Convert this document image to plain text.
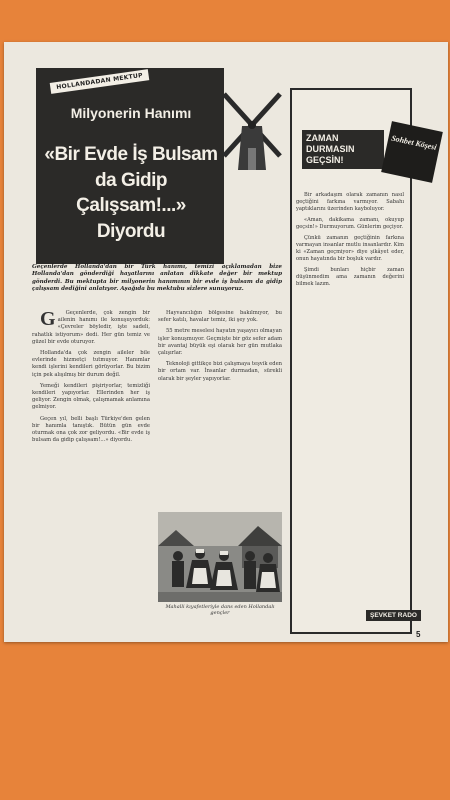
HOLLANDADAN MEKTUP
Milyonerin Hanımı
«Bir Evde İş Bulsam da Gidip Çalışsam!...» Diyordu
Geçenlerde Hollanda'dan bir Türk hanımı, temizi açıklamadan bize Hollanda'dan gönderdiği hayatlarını anlatan dikkate değer bir mektup gönderdi. Bu mektupta bir milyonerin hanımının bir evde iş bulsam da gidip çalışsam dediğini anlatıyor. Aşağıda bu mektubu sizlere sunuyoruz.

G Geçenlerde, çok zengin bir ailenin hanımı ile konuşuyorduk: «Çevreler böyledir, işte sadeli, rahatlık istiyorum» dedi. Her gün temiz ve güzel bir evde oturuyor.

Hollanda'da çok zengin aileler bile evlerinde hizmetçi tutmuyor. Hanımlar kendi işlerini kendileri görüyorlar. Bu bizim için pek alışılmış bir durum değil.

Yemeği kendileri pişiriyorlar, temizliği kendileri yapıyorlar. Ellerinden her iş geliyor. Zengin olmak, çalışmamak anlamına gelmiyor.

Geçen yıl, belli başlı Türkiye'den gelen bir hanımla tanıştık. Bütün gün evde oturmak ona çok zor geliyordu. «Bir evde iş bulsam da gidip çalışsam!...» diyordu.

Hayvancılığın bölgesine bakılmıyor, bu sefer katılı, havalar temiz, iki şey yok.

55 metre meselesi hayatın yaşayıcı olmayan işler konuşmuyor. Geçmişte bir göz sefer adam bir avantaj büyük eşi olarak her gün mutlaka çalışırlar.

Teknoloji gittikçe bizi çalışmaya teşvik eden bir ortam var. İnsanlar durmadan, sürekli olarak bir şeyler yapıyorlar.

Mahalli kıyafetleriyle dans eden Hollandalı gençler
ZAMAN DURMASIN GEÇSİN!
Sohbet Köşesi

Bir arkadaşım olarak zamanın nasıl geçtiğini farkına varmıyor. Sabahı yaptıklarını üzerinden kayboluyor.

«Aman, dakikama zamanı, okuyup geçsin!» Durmuyorum. Günlerim geçiyor.

Çünkü zamanın geçtiğinin farkına varmayan insanlar mutlu insanlardır. Kim ki «Zaman geçmiyor» diye şikâyet eder, onun hayatında bir boşluk vardır.

Şimdi bunları hiçbir zaman düşünmedim ama zamanın değerini bilmek lazım.

ŞEVKET RADO
5
